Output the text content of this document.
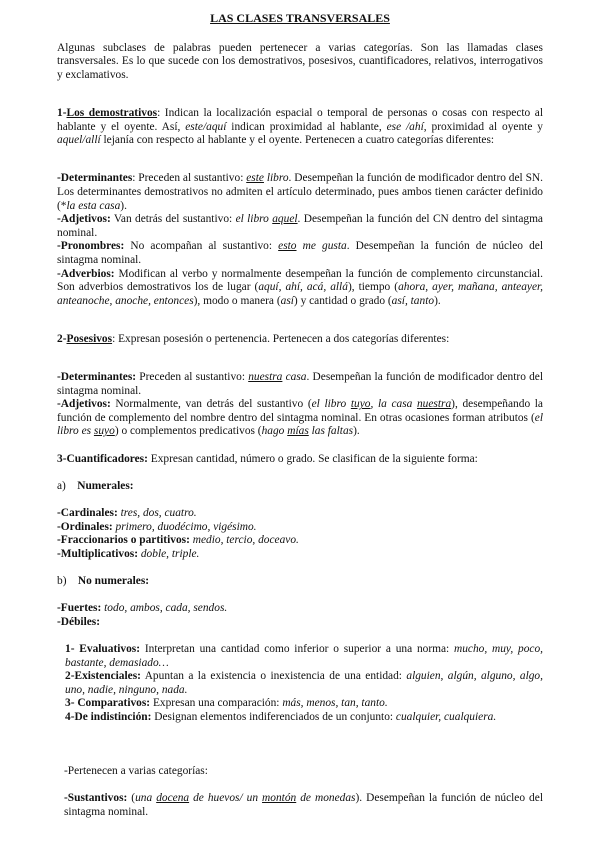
LAS CLASES TRANSVERSALES

Algunas subclases de palabras pueden pertenecer a varias categorías. Son las llamadas clases transversales. Es lo que sucede con los demostrativos, posesivos, cuantificadores, relativos, interrogativos y exclamativos.

1-Los demostrativos: Indican la localización espacial o temporal de personas o cosas con respecto al hablante y el oyente. Así, este/aquí indican proximidad al hablante, ese /ahí, proximidad al oyente y aquel/allí lejanía con respecto al hablante y el oyente. Pertenecen a cuatro categorías diferentes:

-Determinantes: Preceden al sustantivo: este libro. Desempeñan la función de modificador dentro del SN. Los determinantes demostrativos no admiten el artículo determinado, pues ambos tienen carácter definido (*la esta casa).

-Adjetivos: Van detrás del sustantivo: el libro aquel. Desempeñan la función del CN dentro del sintagma nominal.

-Pronombres: No acompañan al sustantivo: esto me gusta. Desempeñan la función de núcleo del sintagma nominal.

-Adverbios: Modifican al verbo y normalmente desempeñan la función de complemento circunstancial. Son adverbios demostrativos los de lugar (aquí, ahí, acá, allá), tiempo (ahora, ayer, mañana, anteayer, anteanoche, anoche, entonces), modo o manera (así) y cantidad o grado (así, tanto).

2-Posesivos: Expresan posesión o pertenencia. Pertenecen a dos categorías diferentes:

-Determinantes: Preceden al sustantivo: nuestra casa. Desempeñan la función de modificador dentro del sintagma nominal.

-Adjetivos: Normalmente, van detrás del sustantivo (el libro tuyo, la casa nuestra), desempeñando la función de complemento del nombre dentro del sintagma nominal. En otras ocasiones forman atributos (el libro es suyo) o complementos predicativos (hago mías las faltas).

3-Cuantificadores: Expresan cantidad, número o grado. Se clasifican de la siguiente forma:

a) Numerales:

-Cardinales: tres, dos, cuatro.

-Ordinales: primero, duodécimo, vigésimo.

-Fraccionarios o partitivos: medio, tercio, doceavo.

-Multiplicativos: doble, triple.

b) No numerales:

-Fuertes: todo, ambos, cada, sendos.

-Débiles:

1- Evaluativos: Interpretan una cantidad como inferior o superior a una norma: mucho, muy, poco, bastante, demasiado…

2-Existenciales: Apuntan a la existencia o inexistencia de una entidad: alguien, algún, alguno, algo, uno, nadie, ninguno, nada.

3- Comparativos: Expresan una comparación: más, menos, tan, tanto.

4-De indistinción: Designan elementos indiferenciados de un conjunto: cualquier, cualquiera.

-Pertenecen a varias categorías:

-Sustantivos: (una docena de huevos/ un montón de monedas). Desempeñan la función de núcleo del sintagma nominal.
